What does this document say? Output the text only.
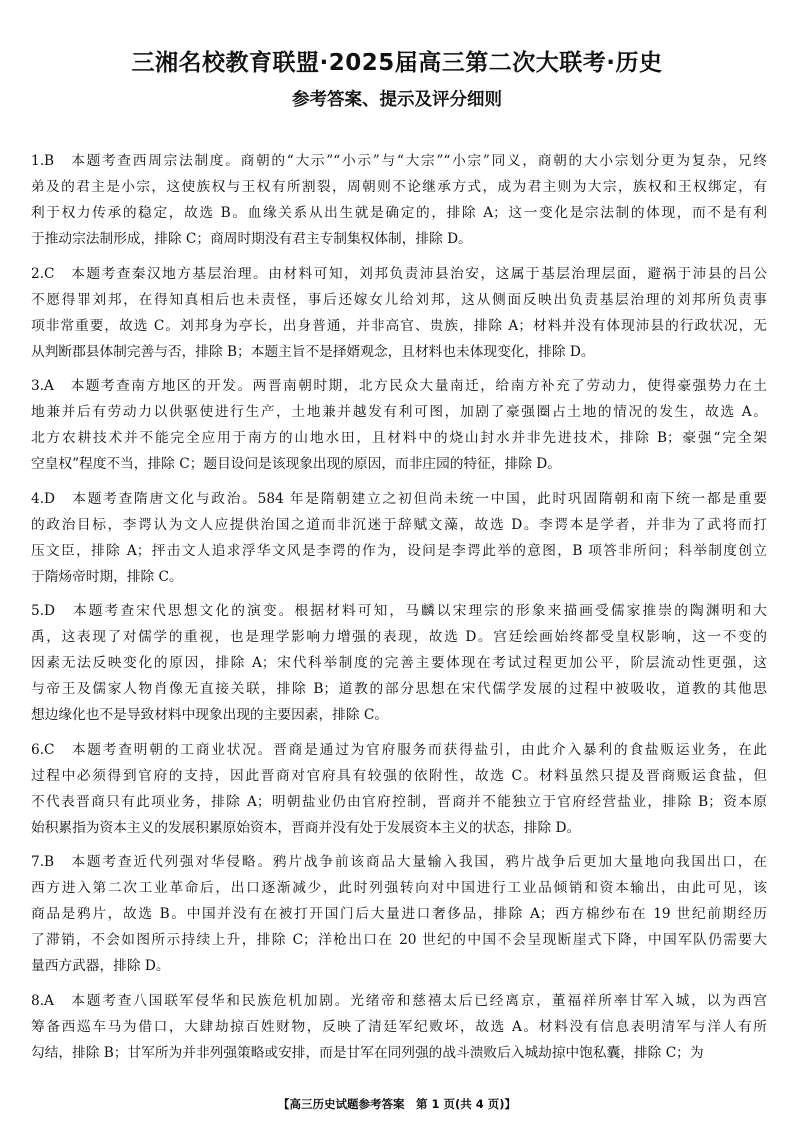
三湘名校教育联盟·2025届高三第二次大联考·历史
参考答案、提示及评分细则
1.B　本题考查西周宗法制度。商朝的“大示”“小示”与“大宗”“小宗”同义，商朝的大小宗划分更为复杂，兄终
弟及的君主是小宗，这使族权与王权有所割裂，周朝则不论继承方式，成为君主则为大宗，族权和王权绑定，有
利于权力传承的稳定，故选 B。血缘关系从出生就是确定的，排除 A；这一变化是宗法制的体现，而不是有利
于推动宗法制形成，排除 C；商周时期没有君主专制集权体制，排除 D。
2.C　本题考查秦汉地方基层治理。由材料可知，刘邦负责沛县治安，这属于基层治理层面，避祸于沛县的吕公
不愿得罪刘邦，在得知真相后也未责怪，事后还嫁女儿给刘邦，这从侧面反映出负责基层治理的刘邦所负责事
项非常重要，故选 C。刘邦身为亭长，出身普通，并非高官、贵族，排除 A；材料并没有体现沛县的行政状况，无
从判断郡县体制完善与否，排除 B；本题主旨不是择婿观念，且材料也未体现变化，排除 D。
3.A　本题考查南方地区的开发。两晋南朝时期，北方民众大量南迁，给南方补充了劳动力，使得豪强势力在土
地兼并后有劳动力以供驱使进行生产，土地兼并越发有利可图，加剧了豪强圈占土地的情况的发生，故选 A。
北方农耕技术并不能完全应用于南方的山地水田，且材料中的烧山封水并非先进技术，排除 B；豪强“完全架
空皇权”程度不当，排除 C；题目设问是该现象出现的原因，而非庄园的特征，排除 D。
4.D　本题考查隋唐文化与政治。584 年是隋朝建立之初但尚未统一中国，此时巩固隋朝和南下统一都是重要
的政治目标，李谔认为文人应提供治国之道而非沉迷于辞赋文藻，故选 D。李谔本是学者，并非为了武将而打
压文臣，排除 A；抨击文人追求浮华文风是李谔的作为，设问是李谔此举的意图，B 项答非所问；科举制度创立
于隋炀帝时期，排除 C。
5.D　本题考查宋代思想文化的演变。根据材料可知，马麟以宋理宗的形象来描画受儒家推崇的陶渊明和大
禹，这表现了对儒学的重视，也是理学影响力增强的表现，故选 D。宫廷绘画始终都受皇权影响，这一不变的
因素无法反映变化的原因，排除 A；宋代科举制度的完善主要体现在考试过程更加公平，阶层流动性更强，这
与帝王及儒家人物肖像无直接关联，排除 B；道教的部分思想在宋代儒学发展的过程中被吸收，道教的其他思
想边缘化也不是导致材料中现象出现的主要因素，排除 C。
6.C　本题考查明朝的工商业状况。晋商是通过为官府服务而获得盐引，由此介入暴利的食盐贩运业务，在此
过程中必须得到官府的支持，因此晋商对官府具有较强的依附性，故选 C。材料虽然只提及晋商贩运食盐，但
不代表晋商只有此项业务，排除 A；明朝盐业仍由官府控制，晋商并不能独立于官府经营盐业，排除 B；资本原
始积累指为资本主义的发展积累原始资本，晋商并没有处于发展资本主义的状态，排除 D。
7.B　本题考查近代列强对华侵略。鸦片战争前该商品大量输入我国，鸦片战争后更加大量地向我国出口，在
西方进入第二次工业革命后，出口逐渐减少，此时列强转向对中国进行工业品倾销和资本输出，由此可见，该
商品是鸦片，故选 B。中国并没有在被打开国门后大量进口奢侈品，排除 A；西方棉纱布在 19 世纪前期经历
了滞销，不会如图所示持续上升，排除 C；洋枪出口在 20 世纪的中国不会呈现断崖式下降，中国军队仍需要大
量西方武器，排除 D。
8.A　本题考查八国联军侵华和民族危机加剧。光绪帝和慈禧太后已经离京，董福祥所率甘军入城，以为西宫
筹备西巡车马为借口，大肆劫掠百姓财物，反映了清廷军纪败坏，故选 A。材料没有信息表明清军与洋人有所
勾结，排除 B；甘军所为并非列强策略或安排，而是甘军在同列强的战斗溃败后入城劫掠中饱私囊，排除 C；为
【高三历史试题参考答案　第 1 页(共 4 页)】
